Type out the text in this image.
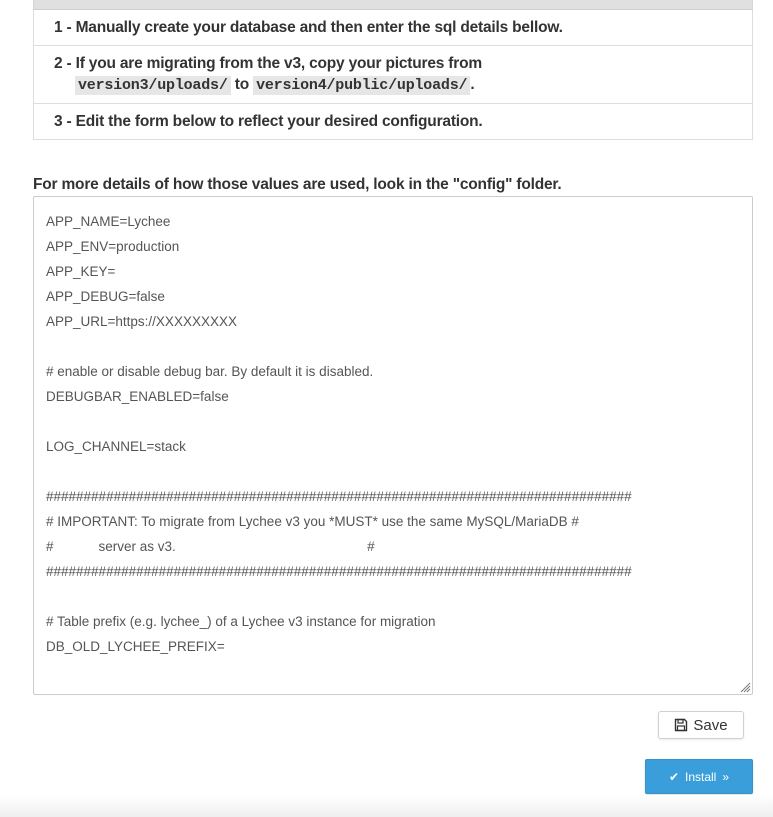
1 - Manually create your database and then enter the sql details bellow.
2 - If you are migrating from the v3, copy your pictures from
version3/uploads/ to version4/public/uploads/ .
3 - Edit the form below to reflect your desired configuration.
For more details of how those values are used, look in the "config" folder.
APP_NAME=Lychee
APP_ENV=production
APP_KEY=
APP_DEBUG=false
APP_URL=https://XXXXXXXXX
# enable or disable debug bar. By default it is disabled.
DEBUGBAR_ENABLED=false
LOG_CHANNEL=stack
##############################################################################
# IMPORTANT: To migrate from Lychee v3 you *MUST* use the same MySQL/MariaDB #
#            server as v3.                                                   #
##############################################################################
# Table prefix (e.g. lychee_) of a Lychee v3 instance for migration
DB_OLD_LYCHEE_PREFIX=
Save
✔ Install »
